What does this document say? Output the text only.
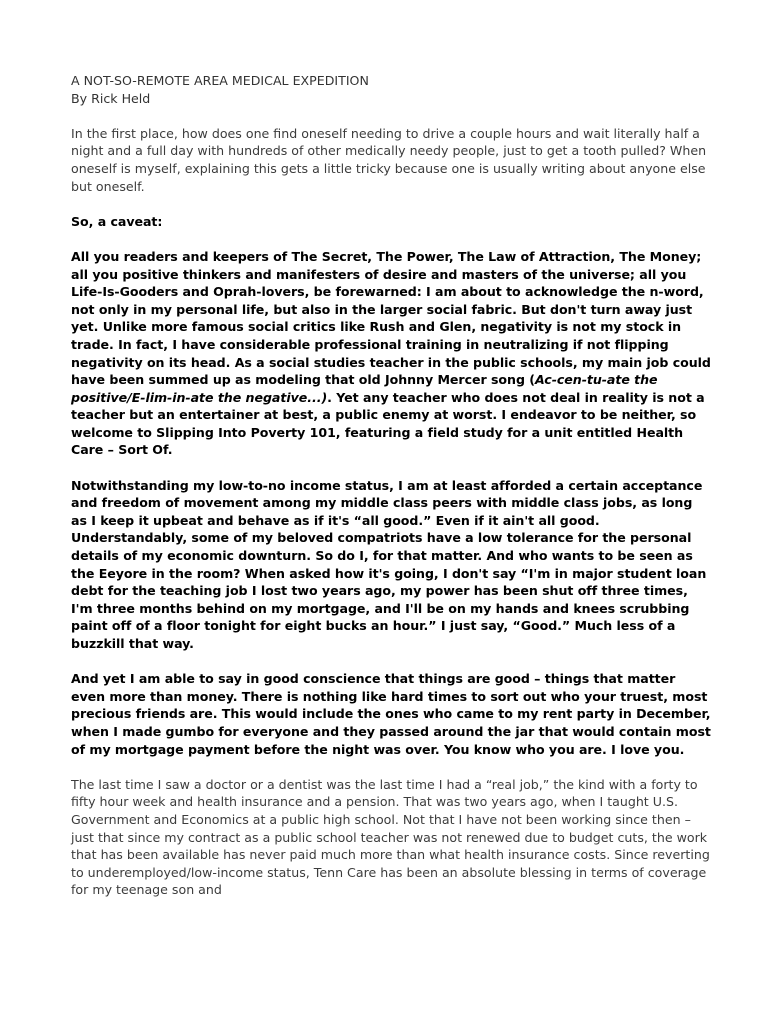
A NOT-SO-REMOTE AREA MEDICAL EXPEDITION
By Rick Held

In the first place, how does one find oneself needing to drive a couple hours and wait literally half a night and a full day with hundreds of other medically needy people, just to get a tooth pulled? When oneself is myself, explaining this gets a little tricky because one is usually writing about anyone else but oneself.

So, a caveat:

All you readers and keepers of The Secret, The Power, The Law of Attraction, The Money; all you positive thinkers and manifesters of desire and masters of the universe; all you Life-Is-Gooders and Oprah-lovers, be forewarned: I am about to acknowledge the n-word, not only in my personal life, but also in the larger social fabric. But don't turn away just yet. Unlike more famous social critics like Rush and Glen, negativity is not my stock in trade. In fact, I have considerable professional training in neutralizing if not flipping negativity on its head. As a social studies teacher in the public schools, my main job could have been summed up as modeling that old Johnny Mercer song (Ac-cen-tu-ate the positive/E-lim-in-ate the negative...). Yet any teacher who does not deal in reality is not a teacher but an entertainer at best, a public enemy at worst. I endeavor to be neither, so welcome to Slipping Into Poverty 101, featuring a field study for a unit entitled Health Care – Sort Of.

Notwithstanding my low-to-no income status, I am at least afforded a certain acceptance and freedom of movement among my middle class peers with middle class jobs, as long as I keep it upbeat and behave as if it's “all good.” Even if it ain't all good. Understandably, some of my beloved compatriots have a low tolerance for the personal details of my economic downturn. So do I, for that matter. And who wants to be seen as the Eeyore in the room? When asked how it's going, I don't say “I'm in major student loan debt for the teaching job I lost two years ago, my power has been shut off three times, I'm three months behind on my mortgage, and I'll be on my hands and knees scrubbing paint off of a floor tonight for eight bucks an hour.” I just say, “Good.” Much less of a buzzkill that way.

And yet I am able to say in good conscience that things are good – things that matter even more than money. There is nothing like hard times to sort out who your truest, most precious friends are. This would include the ones who came to my rent party in December, when I made gumbo for everyone and they passed around the jar that would contain most of my mortgage payment before the night was over. You know who you are. I love you.

The last time I saw a doctor or a dentist was the last time I had a “real job,” the kind with a forty to fifty hour week and health insurance and a pension. That was two years ago, when I taught U.S. Government and Economics at a public high school. Not that I have not been working since then – just that since my contract as a public school teacher was not renewed due to budget cuts, the work that has been available has never paid much more than what health insurance costs. Since reverting to underemployed/low-income status, Tenn Care has been an absolute blessing in terms of coverage for my teenage son and
